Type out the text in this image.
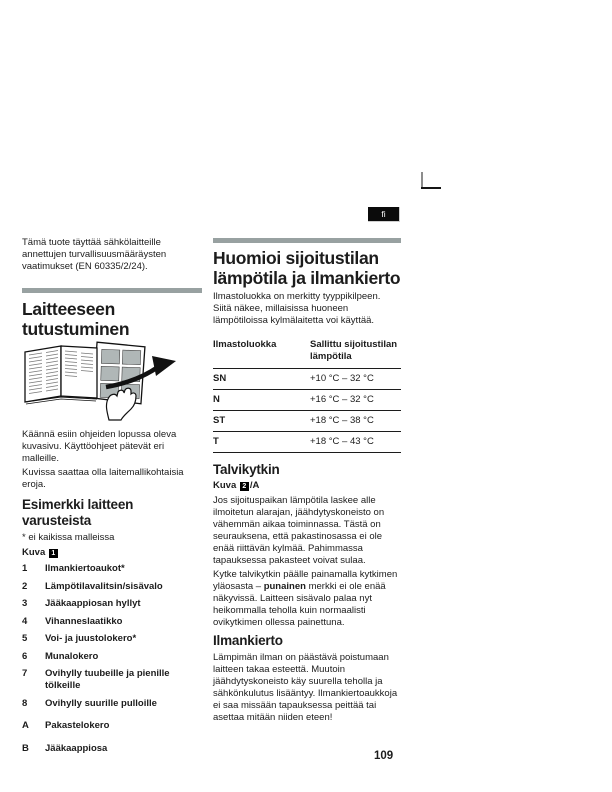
fi

Tämä tuote täyttää sähkölaitteille annettujen turvallisuusmääräysten vaatimukset (EN 60335/2/24).

Laitteeseen tutustuminen

Käännä esiin ohjeiden lopussa oleva kuvasivu. Käyttöohjeet pätevät eri malleille.

Kuvissa saattaa olla laitemallikohtaisia eroja.

Esimerkki laitteen varusteista

* ei kaikissa malleissa

Kuva
1
1	Ilmankiertoaukot*
2	Lämpötilavalitsin/sisävalo
3	Jääkaappiosan hyllyt
4	Vihanneslaatikko
5	Voi- ja juustolokero*
6	Munalokero
7	Ovihylly tuubeille ja pienille tölkeille
8	Ovihylly suurille pulloille
A	Pakastelokero
B	Jääkaappiosa
Huomioi sijoitustilan lämpötila ja ilmankierto

Ilmastoluokka on merkitty tyyppikilpeen. Siitä näkee, millaisissa huoneen lämpötiloissa kylmälaitetta voi käyttää.

Ilmastoluokka	Sallittu sijoitustilan lämpötila
SN	+10 °C – 32 °C
N	+16 °C – 32 °C
ST	+18 °C – 38 °C
T	+18 °C – 43 °C
Talvikytkin
Kuva
2 /A

Jos sijoituspaikan lämpötila laskee alle ilmoitetun alarajan, jäähdytyskoneisto on vähemmän aikaa toiminnassa. Tästä on seurauksena, että pakastinosassa ei ole enää riittävän kylmää. Pahimmassa tapauksessa pakasteet voivat sulaa.

Kytke talvikytkin päälle painamalla kytkimen yläosasta – punainen merkki ei ole enää näkyvissä. Laitteen sisävalo palaa nyt heikommalla teholla kuin normaalisti ovikytkimen ollessa painettuna.

Ilmankierto

Lämpimän ilman on päästävä poistumaan laitteen takaa esteettä. Muutoin jäähdytyskoneisto käy suurella teholla ja sähkönkulutus lisääntyy. Ilmankiertoaukkoja ei saa missään tapauksessa peittää tai asettaa mitään niiden eteen!

109
